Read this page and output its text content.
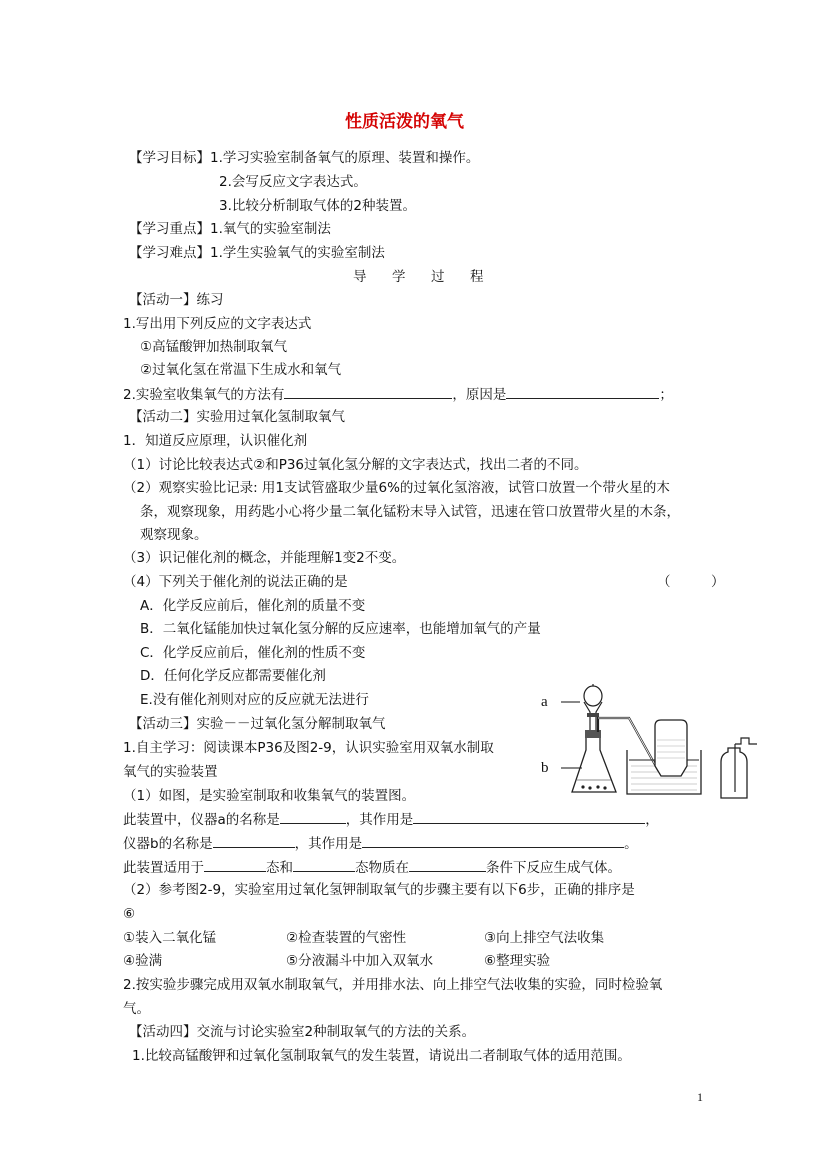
性质活泼的氧气
【学习目标】1.学习实验室制备氧气的原理、装置和操作。
2.会写反应文字表达式。
3.比较分析制取气体的2种装置。
【学习重点】1.氧气的实验室制法
【学习难点】1.学生实验氧气的实验室制法
导　学　过　程
【活动一】练习
1.写出用下列反应的文字表达式
①高锰酸钾加热制取氧气
②过氧化氢在常温下生成水和氧气
2.实验室收集氧气的方法有	，原因是	；
【活动二】实验用过氧化氢制取氧气
1．知道反应原理，认识催化剂
（1）讨论比较表达式②和P36过氧化氢分解的文字表达式，找出二者的不同。
（2）观察实验比记录: 用1支试管盛取少量6%的过氧化氢溶液，试管口放置一个带火星的木
条，观察现象，用药匙小心将少量二氧化锰粉末导入试管，迅速在管口放置带火星的木条，
观察现象。
（3）识记催化剂的概念，并能理解1变2不变。
（4）下列关于催化剂的说法正确的是	（　　　）
A．化学反应前后，催化剂的质量不变
B．二氧化锰能加快过氧化氢分解的反应速率，也能增加氧气的产量
C．化学反应前后，催化剂的性质不变
D．任何化学反应都需要催化剂
E.没有催化剂则对应的反应就无法进行
【活动三】实验－－过氧化氢分解制取氧气
1.自主学习：阅读课本P36及图2-9，认识实验室用双氧水制取
氧气的实验装置
（1）如图，是实验室制取和收集氧气的装置图。
此装置中，仪器a的名称是	，其作用是	，
仪器b的名称是	，其作用是	。
此装置适用于	态和	态物质在	条件下反应生成气体。
（2）参考图2-9，实验室用过氧化氢钾制取氧气的步骤主要有以下6步，正确的排序是
⑥
①装入二氧化锰	②检查装置的气密性	③向上排空气法收集
④验满	⑤分液漏斗中加入双氧水	⑥整理实验
2.按实验步骤完成用双氧水制取氧气，并用排水法、向上排空气法收集的实验，同时检验氧
气。
【活动四】交流与讨论实验室2种制取氧气的方法的关系。
1.比较高锰酸钾和过氧化氢制取氧气的发生装置，请说出二者制取气体的适用范围。
1
a
b
